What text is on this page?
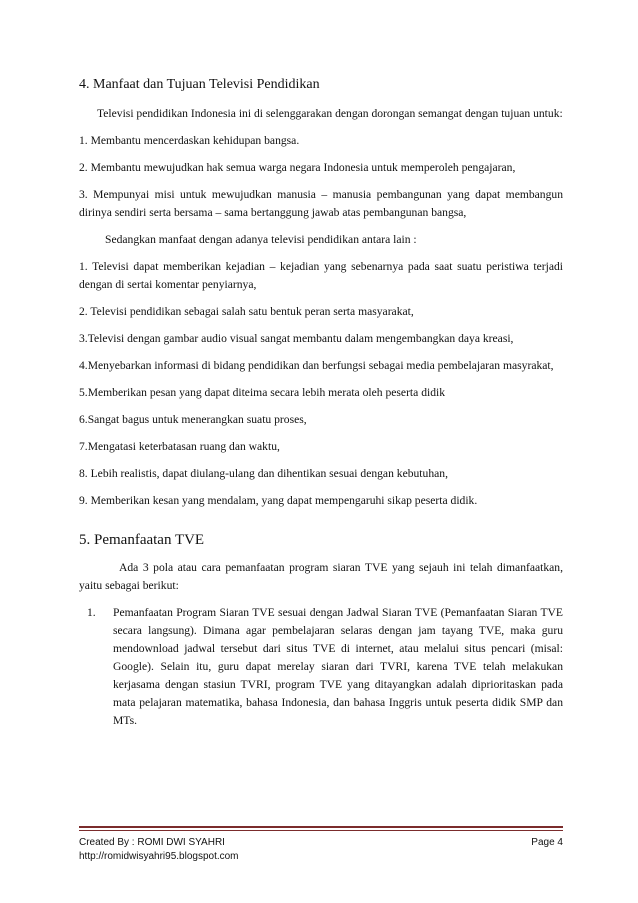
4. Manfaat dan Tujuan Televisi Pendidikan

Televisi pendidikan Indonesia ini di selenggarakan dengan dorongan semangat dengan tujuan untuk:

1. Membantu mencerdaskan kehidupan bangsa.

2. Membantu mewujudkan hak semua warga negara Indonesia untuk memperoleh pengajaran,

3. Mempunyai misi untuk mewujudkan manusia – manusia pembangunan yang dapat membangun dirinya sendiri serta bersama – sama bertanggung jawab atas pembangunan bangsa,

Sedangkan manfaat dengan adanya televisi pendidikan antara lain :

1. Televisi dapat memberikan kejadian – kejadian yang sebenarnya pada saat suatu peristiwa terjadi dengan di sertai komentar penyiarnya,

2. Televisi pendidikan sebagai salah satu bentuk peran serta masyarakat,

3.Televisi dengan gambar audio visual sangat membantu dalam mengembangkan daya kreasi,

4.Menyebarkan informasi di bidang pendidikan dan berfungsi sebagai media pembelajaran masyrakat,

5.Memberikan pesan yang dapat diteima secara lebih merata oleh peserta didik

6.Sangat bagus untuk menerangkan suatu proses,

7.Mengatasi keterbatasan ruang dan waktu,

8. Lebih realistis, dapat diulang-ulang dan dihentikan sesuai dengan kebutuhan,

9. Memberikan kesan yang mendalam, yang dapat mempengaruhi sikap peserta didik.

5. Pemanfaatan TVE

Ada 3 pola atau cara pemanfaatan program siaran TVE yang sejauh ini telah dimanfaatkan, yaitu sebagai berikut:

1.	Pemanfaatan Program Siaran TVE sesuai dengan Jadwal Siaran TVE (Pemanfaatan Siaran TVE secara langsung). Dimana agar pembelajaran selaras dengan jam tayang TVE, maka guru mendownload jadwal tersebut dari situs TVE di internet, atau melalui situs pencari (misal: Google). Selain itu, guru dapat merelay siaran dari TVRI, karena TVE telah melakukan kerjasama dengan stasiun TVRI, program TVE yang ditayangkan adalah diprioritaskan pada mata pelajaran matematika, bahasa Indonesia, dan bahasa Inggris untuk peserta didik SMP dan MTs.
Created By : ROMI DWI SYAHRI	Page 4
http://romidwisyahri95.blogspot.com
